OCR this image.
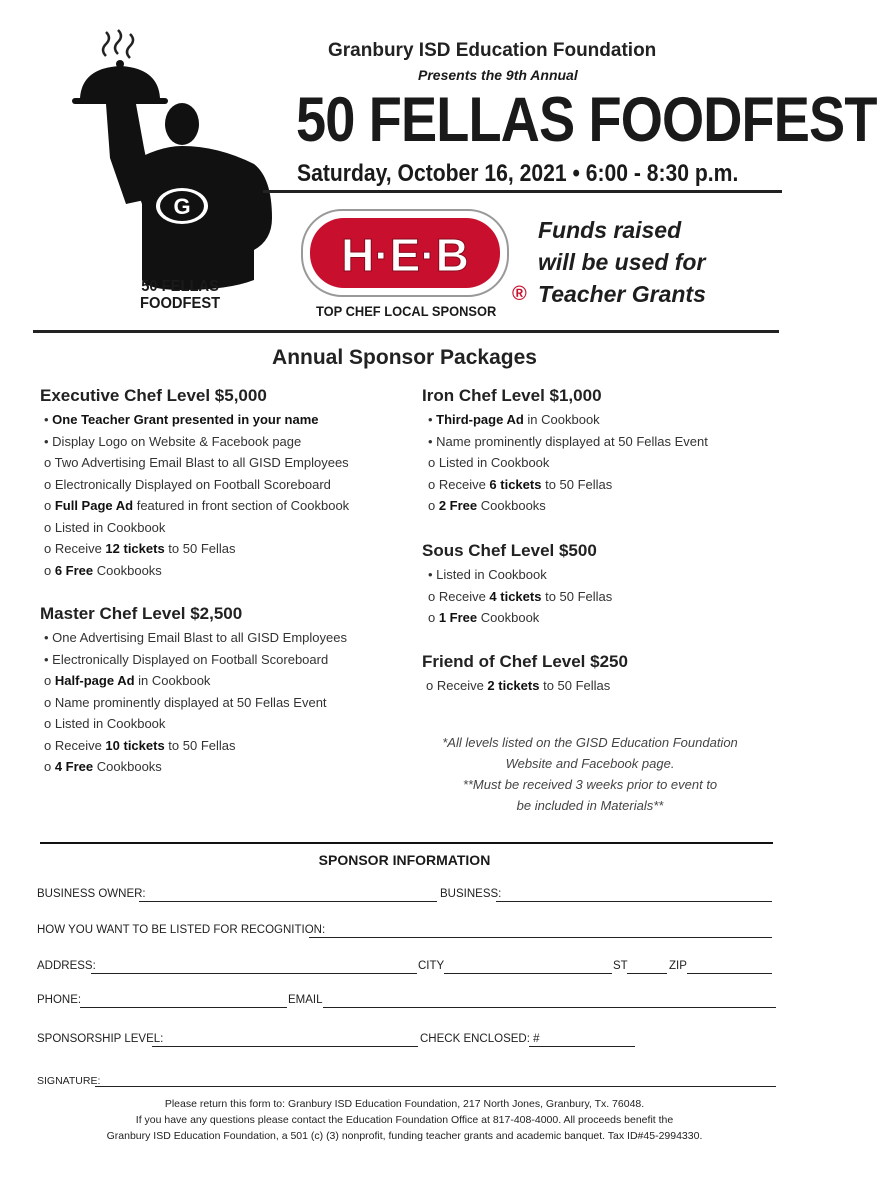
G
50 FELLAS
FOODFEST
Granbury ISD Education Foundation
Presents the 9th Annual
50 FELLAS FOODFEST
Saturday, October 16, 2021 • 6:00 - 8:30 p.m.
H·E·B
®
TOP CHEF LOCAL SPONSOR
Funds raised
will be used for
Teacher Grants
Annual Sponsor Packages
Executive Chef Level $5,000
• One Teacher Grant presented in your name
• Display Logo on Website & Facebook page
o Two Advertising Email Blast to all GISD Employees
o Electronically Displayed on Football Scoreboard
o Full Page Ad featured in front section of Cookbook
o Listed in Cookbook
o Receive 12 tickets to 50 Fellas
o 6 Free Cookbooks
Master Chef Level $2,500
• One Advertising Email Blast to all GISD Employees
• Electronically Displayed on Football Scoreboard
o Half-page Ad in Cookbook
o Name prominently displayed at 50 Fellas Event
o Listed in Cookbook
o Receive 10 tickets to 50 Fellas
o 4 Free Cookbooks
Iron Chef Level $1,000
• Third-page Ad in Cookbook
• Name prominently displayed at 50 Fellas Event
o Listed in Cookbook
o Receive 6 tickets to 50 Fellas
o 2 Free Cookbooks
Sous Chef Level $500
• Listed in Cookbook
o Receive 4 tickets to 50 Fellas
o 1 Free Cookbook
Friend of Chef Level $250
o Receive 2 tickets to 50 Fellas
*All levels listed on the GISD Education Foundation
Website and Facebook page.
**Must be received 3 weeks prior to event to
be included in Materials**
SPONSOR INFORMATION
BUSINESS OWNER:	BUSINESS:
HOW YOU WANT TO BE LISTED FOR RECOGNITION:
ADDRESS:	CITY	ST	ZIP
PHONE:	EMAIL
SPONSORSHIP LEVEL:	CHECK ENCLOSED: #
SIGNATURE:
Please return this form to: Granbury ISD Education Foundation, 217 North Jones, Granbury, Tx. 76048.
If you have any questions please contact the Education Foundation Office at 817-408-4000. All proceeds benefit the
Granbury ISD Education Foundation, a 501 (c) (3) nonprofit, funding teacher grants and academic banquet. Tax ID#45-2994330.
